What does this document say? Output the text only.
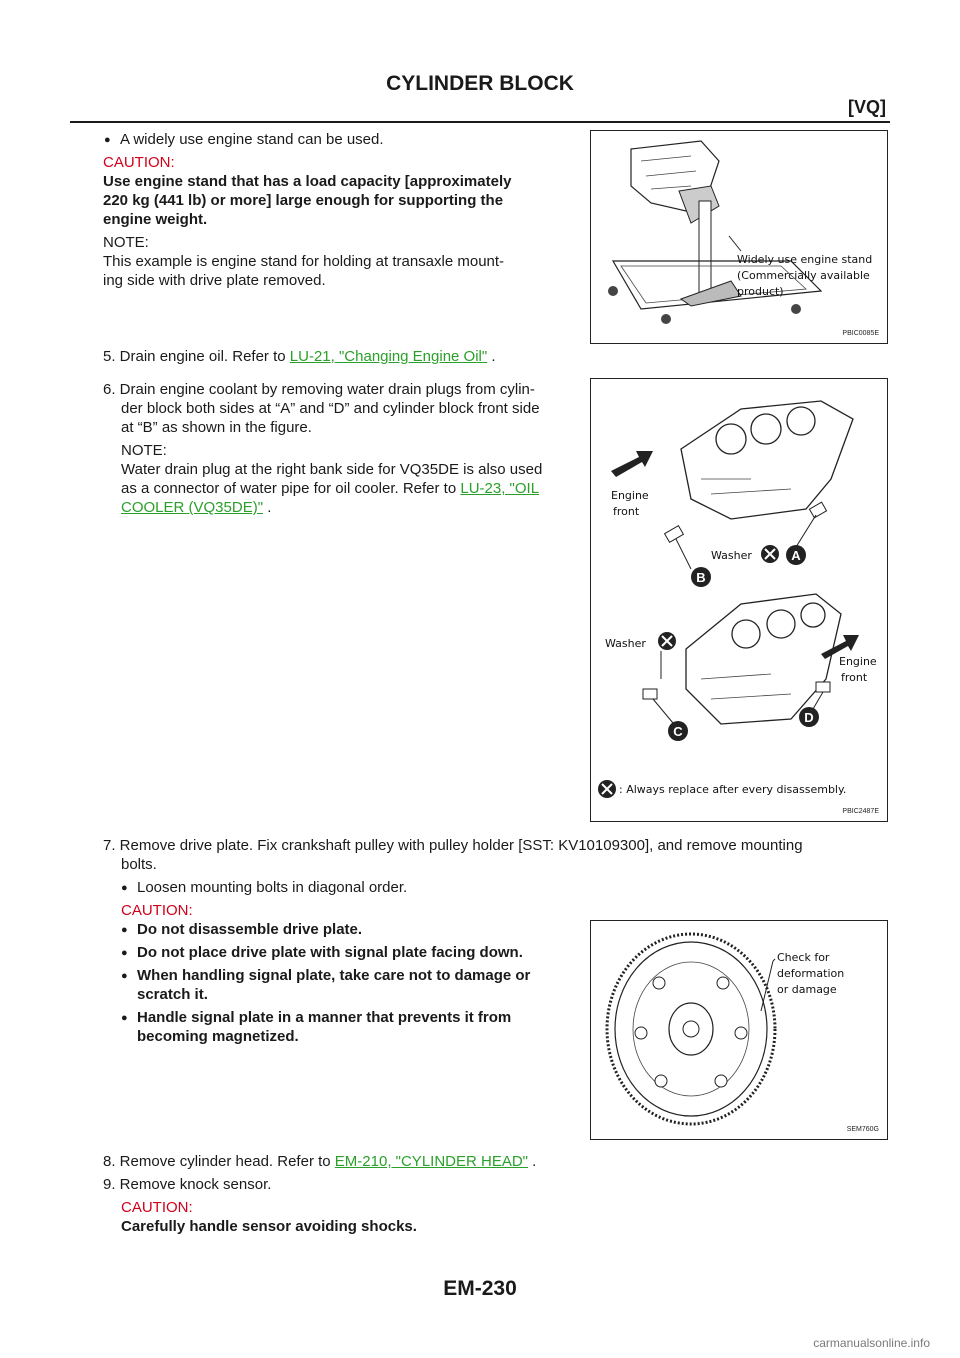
CYLINDER BLOCK
[VQ]
● A widely use engine stand can be used.
CAUTION:
Use engine stand that has a load capacity [approximately
220 kg (441 lb) or more] large enough for supporting the
engine weight.
NOTE:
This example is engine stand for holding at transaxle mount-
ing side with drive plate removed.
Widely use engine stand
(Commercially available
product)
PBIC0085E
5. Drain engine oil. Refer to LU-21, "Changing Engine Oil" .
6. Drain engine coolant by removing water drain plugs from cylin-
der block both sides at “A” and “D” and cylinder block front side
at “B” as shown in the figure.
NOTE:
Water drain plug at the right bank side for VQ35DE is also used
as a connector of water pipe for oil cooler. Refer to LU-23, "OIL
COOLER (VQ35DE)" .
Engine
front
Washer	A
B
Washer
Engine
front
C
D
: Always replace after every disassembly.
PBIC2487E
7. Remove drive plate. Fix crankshaft pulley with pulley holder [SST: KV10109300], and remove mounting
bolts.
● Loosen mounting bolts in diagonal order.
CAUTION:
● Do not disassemble drive plate.
● Do not place drive plate with signal plate facing down.
● When handling signal plate, take care not to damage or
scratch it.
● Handle signal plate in a manner that prevents it from
becoming magnetized.
Check for
deformation
or damage
SEM760G
8. Remove cylinder head. Refer to EM-210, "CYLINDER HEAD" .
9. Remove knock sensor.
CAUTION:
Carefully handle sensor avoiding shocks.
EM-230
carmanualsonline.info
